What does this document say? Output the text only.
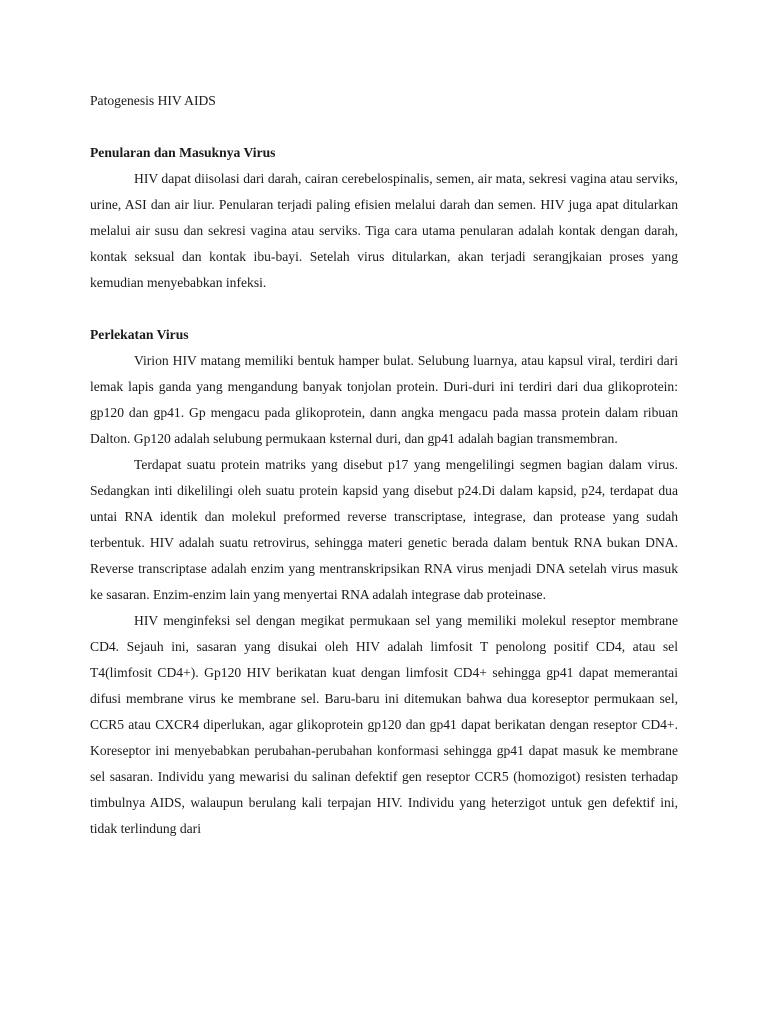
Patogenesis HIV AIDS
Penularan dan Masuknya Virus

HIV dapat diisolasi dari darah, cairan cerebelospinalis, semen, air mata, sekresi vagina atau serviks, urine, ASI dan air liur. Penularan terjadi paling efisien melalui darah dan semen. HIV juga apat ditularkan melalui air susu dan sekresi vagina atau serviks. Tiga cara utama penularan adalah kontak dengan darah, kontak seksual dan kontak ibu-bayi. Setelah virus ditularkan, akan terjadi serangjkaian proses yang kemudian menyebabkan infeksi.

Perlekatan Virus

Virion HIV matang memiliki bentuk hamper bulat. Selubung luarnya, atau kapsul viral, terdiri dari lemak lapis ganda yang mengandung banyak tonjolan protein. Duri-duri ini terdiri dari dua glikoprotein: gp120 dan gp41. Gp mengacu pada glikoprotein, dann angka mengacu pada massa protein dalam ribuan Dalton. Gp120 adalah selubung permukaan ksternal duri, dan gp41 adalah bagian transmembran.

Terdapat suatu protein matriks yang disebut p17 yang mengelilingi segmen bagian dalam virus. Sedangkan inti dikelilingi oleh suatu protein kapsid yang disebut p24.Di dalam kapsid, p24, terdapat dua untai RNA identik dan molekul preformed reverse transcriptase, integrase, dan protease yang sudah terbentuk. HIV adalah suatu retrovirus, sehingga materi genetic berada dalam bentuk RNA bukan DNA. Reverse transcriptase adalah enzim yang mentranskripsikan RNA virus menjadi DNA setelah virus masuk ke sasaran. Enzim-enzim lain yang menyertai RNA adalah integrase dab proteinase.

HIV menginfeksi sel dengan megikat permukaan sel yang memiliki molekul reseptor membrane CD4. Sejauh ini, sasaran yang disukai oleh HIV adalah limfosit T penolong positif CD4, atau sel T4(limfosit CD4+). Gp120 HIV berikatan kuat dengan limfosit CD4+ sehingga gp41 dapat memerantai difusi membrane virus ke membrane sel. Baru-baru ini ditemukan bahwa dua koreseptor permukaan sel, CCR5 atau CXCR4 diperlukan, agar glikoprotein gp120 dan gp41 dapat berikatan dengan reseptor CD4+. Koreseptor ini menyebabkan perubahan-perubahan konformasi sehingga gp41 dapat masuk ke membrane sel sasaran. Individu yang mewarisi du salinan defektif gen reseptor CCR5 (homozigot) resisten terhadap timbulnya AIDS, walaupun berulang kali terpajan HIV. Individu yang heterzigot untuk gen defektif ini, tidak terlindung dari
